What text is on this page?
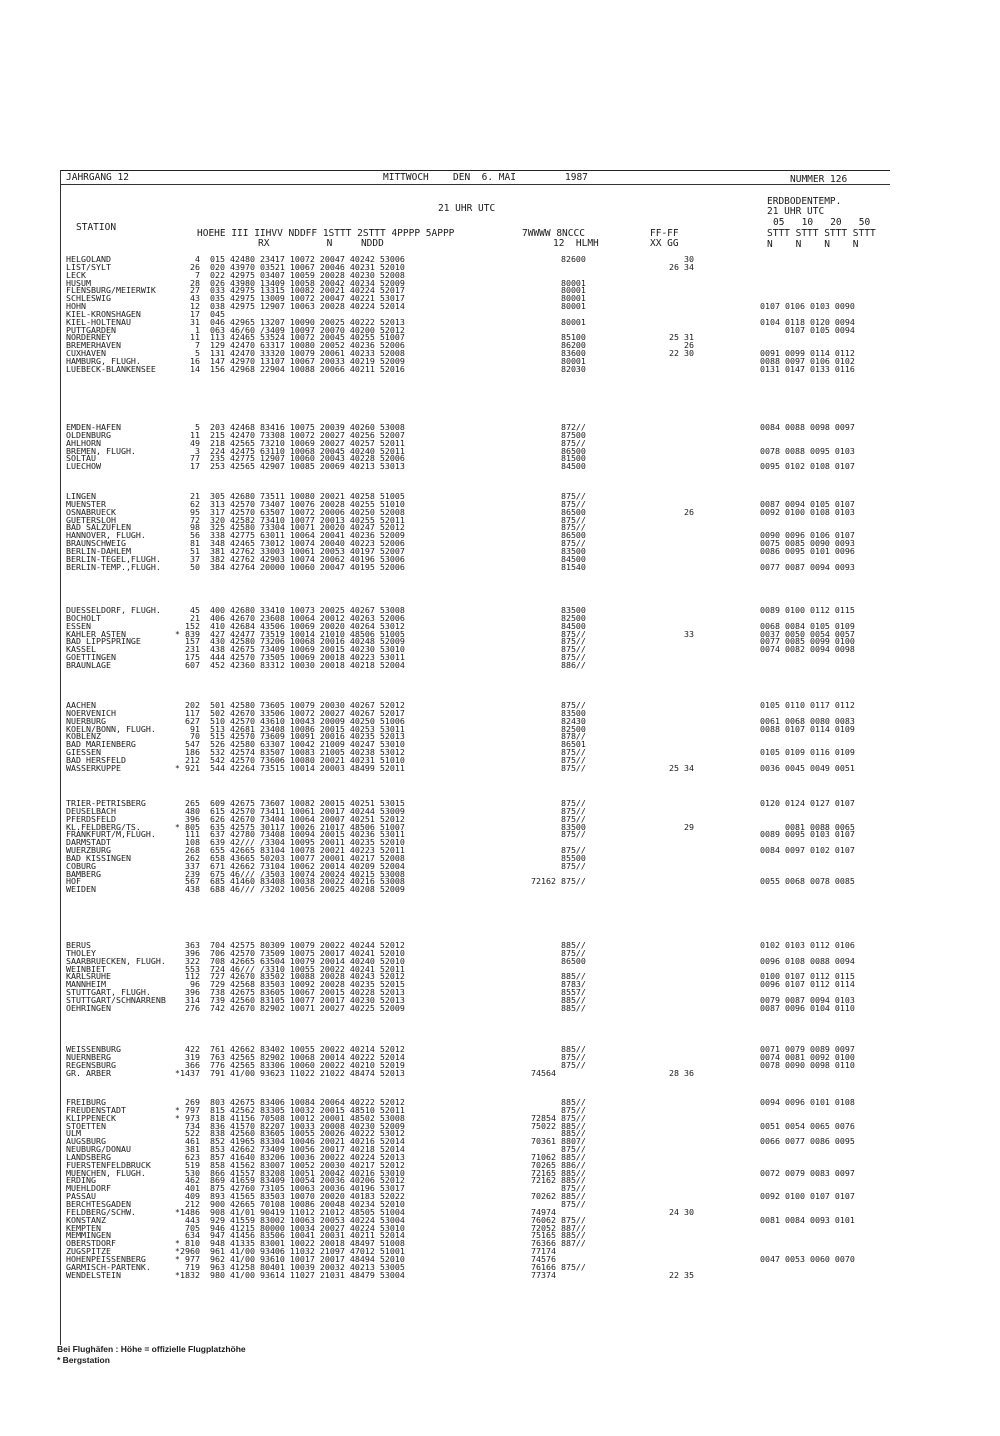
JAHRGANG 12	MITTWOCH	DEN  6. MAI	1987	NUMMER 126
21 UHR UTC
ERDBODENTEMP.
21 UHR UTC
05   10   20   50
STTT STTT STTT STTT
N    N    N    N
STATION
HOEHE III IIHVV NDDFF 1STTT 2STTT 4PPPP 5APPP
RX          N     NDDD
7WWWW 8NCCC
12  HLMH
FF-FF
XX GG
HELGOLAND	4 015 42480 23417 10072 20047 40242 53006	82600	30
LIST/SYLT	26 020 43970 03521 10067 20046 40231 52010	26 34
LECK	7 022 42975 03407 10059 20028 40230 52008
HUSUM	28 026 43980 13409 10058 20042 40234 52009	80001
FLENSBURG/MEIERWIK	27 033 42975 13315 10082 20021 40224 52017	80001
SCHLESWIG	43 035 42975 13009 10072 20047 40221 53017	80001
HOHN	12 038 42975 12907 10063 20028 40224 52014	80001	0107 0106 0103 0090
KIEL-KRONSHAGEN	17 045
KIEL-HOLTENAU	31 046 42965 13207 10090 20025 40222 52013	80001	0104 0118 0120 0094
PUTTGARDEN	1 063 46/60 /3409 10097 20070 40200 52012	0107 0105 0094
NORDERNEY	11 113 42465 53524 10072 20045 40255 51007	85100	25 31
BREMERHAVEN	7 129 42470 63317 10080 20052 40236 52006	86200	26
CUXHAVEN	5 131 42470 33320 10079 20061 40233 52008	83600	22 30	0091 0099 0114 0112
HAMBURG, FLUGH.	16 147 42970 13107 10067 20033 40219 52009	80001	0088 0097 0106 0102
LUEBECK-BLANKENSEE	14 156 42968 22904 10088 20066 40211 52016	82030	0131 0147 0133 0116
EMDEN-HAFEN	5 203 42468 83416 10075 20039 40260 53008	872//	0084 0088 0098 0097
OLDENBURG	11 215 42470 73308 10072 20027 40256 52007	87500
AHLHORN	49 218 42565 73210 10069 20027 40257 52011	875//
BREMEN, FLUGH.	3 224 42475 63110 10068 20045 40240 52011	86500	0078 0088 0095 0103
SOLTAU	77 235 42775 12907 10060 20043 40228 52006	81500
LUECHOW	17 253 42565 42907 10085 20069 40213 53013	84500	0095 0102 0108 0107
LINGEN	21 305 42680 73511 10080 20021 40258 51005	875//
MUENSTER	62 313 42570 73407 10076 20028 40255 51010	875//	0087 0094 0105 0107
OSNABRUECK	95 317 42570 63507 10072 20006 40250 52008	86500	26	0092 0100 0108 0103
GUETERSLOH	72 320 42582 73410 10077 20013 40255 52011	875//
BAD SALZUFLEN	98 325 42580 73304 10071 20020 40247 52012	875//
HANNOVER, FLUGH.	56 338 42775 63011 10064 20041 40236 52009	86500	0090 0096 0106 0107
BRAUNSCHWEIG	81 348 42465 73012 10074 20040 40223 52006	875//	0075 0085 0090 0093
BERLIN-DAHLEM	51 381 42762 33003 10061 20053 40197 52007	83500	0086 0095 0101 0096
BERLIN-TEGEL,FLUGH.	37 382 42762 42903 10074 20062 40196 53006	84500
BERLIN-TEMP.,FLUGH.	50 384 42764 20000 10060 20047 40195 52006	81540	0077 0087 0094 0093
DUESSELDORF, FLUGH.	45 400 42680 33410 10073 20025 40267 53008	83500	0089 0100 0112 0115
BOCHOLT	21 406 42670 23608 10064 20012 40263 52006	82500
ESSEN	152 410 42684 43506 10069 20020 40264 53012	84500	0068 0084 0105 0109
KAHLER ASTEN	* 839 427 42477 73519 10014 21010 48506 51005	875//	33	0037 0050 0054 0057
BAD LIPPSPRINGE	157 430 42580 73206 10068 20016 40248 52009	875//	0077 0085 0099 0100
KASSEL	231 438 42675 73409 10069 20015 40230 53010	875//	0074 0082 0094 0098
GOETTINGEN	175 444 42570 73505 10069 20018 40223 53011	875//
BRAUNLAGE	607 452 42360 83312 10030 20018 40218 52004	886//
AACHEN	202 501 42580 73605 10079 20030 40267 52012	875//	0105 0110 0117 0112
NOERVENICH	117 502 42670 33506 10072 20027 40267 52017	83500
NUERBURG	627 510 42570 43610 10043 20009 40250 51006	82430	0061 0068 0080 0083
KOELN/BONN, FLUGH.	91 513 42681 23408 10086 20015 40253 53011	82500	0088 0107 0114 0109
KOBLENZ	70 515 42570 73609 10091 20016 40235 52013	878//
BAD MARIENBERG	547 526 42580 63307 10042 21009 40247 53010	86501
GIESSEN	186 532 42574 83507 10083 21005 40238 53012	875//	0105 0109 0116 0109
BAD HERSFELD	212 542 42570 73606 10080 20021 40231 51010	875//
WASSERKUPPE	* 921 544 42264 73515 10014 20003 48499 52011	875//	25 34	0036 0045 0049 0051
TRIER-PETRISBERG	265 609 42675 73607 10082 20015 40251 53015	875//	0120 0124 0127 0107
DEUSELBACH	480 615 42570 73411 10061 20017 40244 53009	875//
PFERDSFELD	396 626 42670 73404 10064 20007 40251 52012	875//
KL.FELDBERG/TS.	* 805 635 42575 30117 10026 21017 48506 51007	83500	29	0081 0088 0065
FRANKFURT/M,FLUGH.	111 637 42780 73408 10094 20015 40236 53011	875//	0089 0095 0103 0107
DARMSTADT	108 639 42/// /3304 10095 20011 40235 52010
WUERZBURG	268 655 42665 83104 10078 20021 40223 52011	875//	0084 0097 0102 0107
BAD KISSINGEN	262 658 43665 50203 10077 20001 40217 52008	85500
COBURG	337 671 42662 73104 10062 20014 40209 52004	875//
BAMBERG	239 675 46/// /3503 10074 20024 40215 53008
HOF	567 685 41460 83408 10038 20022 40216 53008	72162 875//	0055 0068 0078 0085
WEIDEN	438 688 46/// /3202 10056 20025 40208 52009
BERUS	363 704 42575 80309 10079 20022 40244 52012	885//	0102 0103 0112 0106
THOLEY	396 706 42570 73509 10075 20017 40241 52010	875//
SAARBRUECKEN, FLUGH. 322 708 42665 63504 10079 20014 40240 52010	86500	0096 0108 0088 0094
WEINBIET	553 724 46/// /3310 10055 20022 40241 52011
KARLSRUHE	112 727 42670 83502 10088 20028 40243 52012	885//	0100 0107 0112 0115
MANNHEIM	96 729 42568 83503 10092 20028 40235 52015	8783/	0096 0107 0112 0114
STUTTGART, FLUGH.	396 738 42675 83605 10067 20015 40228 52013	8557/
STUTTGART/SCHNARRENB 314 739 42560 83105 10077 20017 40230 52013	885//	0079 0087 0094 0103
OEHRINGEN	276 742 42670 82902 10071 20027 40225 52009	885//	0087 0096 0104 0110
WEISSENBURG	422 761 42662 83402 10055 20022 40214 52012	885//	0071 0079 0089 0097
NUERNBERG	319 763 42565 82902 10068 20014 40222 52014	875//	0074 0081 0092 0100
REGENSBURG	366 776 42565 83306 10060 20022 40210 52019	875//	0078 0090 0098 0110
GR. ARBER	* 1437 791 41/00 93623 11022 21022 48474 52013	74564	28 36
FREIBURG	269 803 42675 83406 10084 20064 40222 52012	885//	0094 0096 0101 0108
FREUDENSTADT	* 797 815 42562 83305 10032 20015 48510 52011	875//
KLIPPENECK	* 973 818 41156 70508 10012 20001 48502 53008	72854 875//
STOETTEN	734 836 41570 82207 10033 20008 40230 52009	75022 885//	0051 0054 0065 0076
ULM	522 838 42560 83605 10055 20026 40222 53012	885//
AUGSBURG	461 852 41965 83304 10046 20021 40216 52014	70361 8807/	0066 0077 0086 0095
NEUBURG/DONAU	381 853 42662 73409 10056 20017 40218 52014	875//
LANDSBERG	623 857 41640 83206 10036 20022 40224 52013	71062 885//
FUERSTENFELDBRUCK	519 858 41562 83007 10052 20030 40217 52012	70265 886//
MUENCHEN, FLUGH.	530 866 41557 83208 10051 20042 40216 53010	72165 885//	0072 0079 0083 0097
ERDING	462 869 41659 83409 10054 20036 40206 52012	72162 885//
MUEHLDORF	401 875 42760 73105 10063 20036 40196 53017	875//
PASSAU	409 893 41565 83503 10070 20020 40183 52022	70262 885//	0092 0100 0107 0107
BERCHTESGADEN	212 900 42665 70108 10086 20048 40234 52010	875//
FELDBERG/SCHW.	* 1486 908 41/01 90419 11012 21012 48505 51004	74974	24 30
KONSTANZ	443 929 41559 83002 10063 20053 40224 53004	76062 875//	0081 0084 0093 0101
KEMPTEN	705 946 41215 80000 10034 20027 40224 53010	72052 887//
MEMMINGEN	634 947 41456 83506 10041 20031 40211 52014	75165 885//
OBERSTDORF	* 810 948 41335 83001 10022 20018 48497 51008	76366 887//
ZUGSPITZE	* 2960 961 41/00 93406 11032 21097 47012 51001	77174
HOHENPEISSENBERG	* 977 962 41/00 93610 10017 20017 48494 52010	74576	0047 0053 0060 0070
GARMISCH-PARTENK.	719 963 41258 80401 10039 20032 40213 53005	76166 875//
WENDELSTEIN	* 1832 980 41/00 93614 11027 21031 48479 53004	77374	22 35
Bei Flughäfen : Höhe = offizielle Flugplatzhöhe
* Bergstation
